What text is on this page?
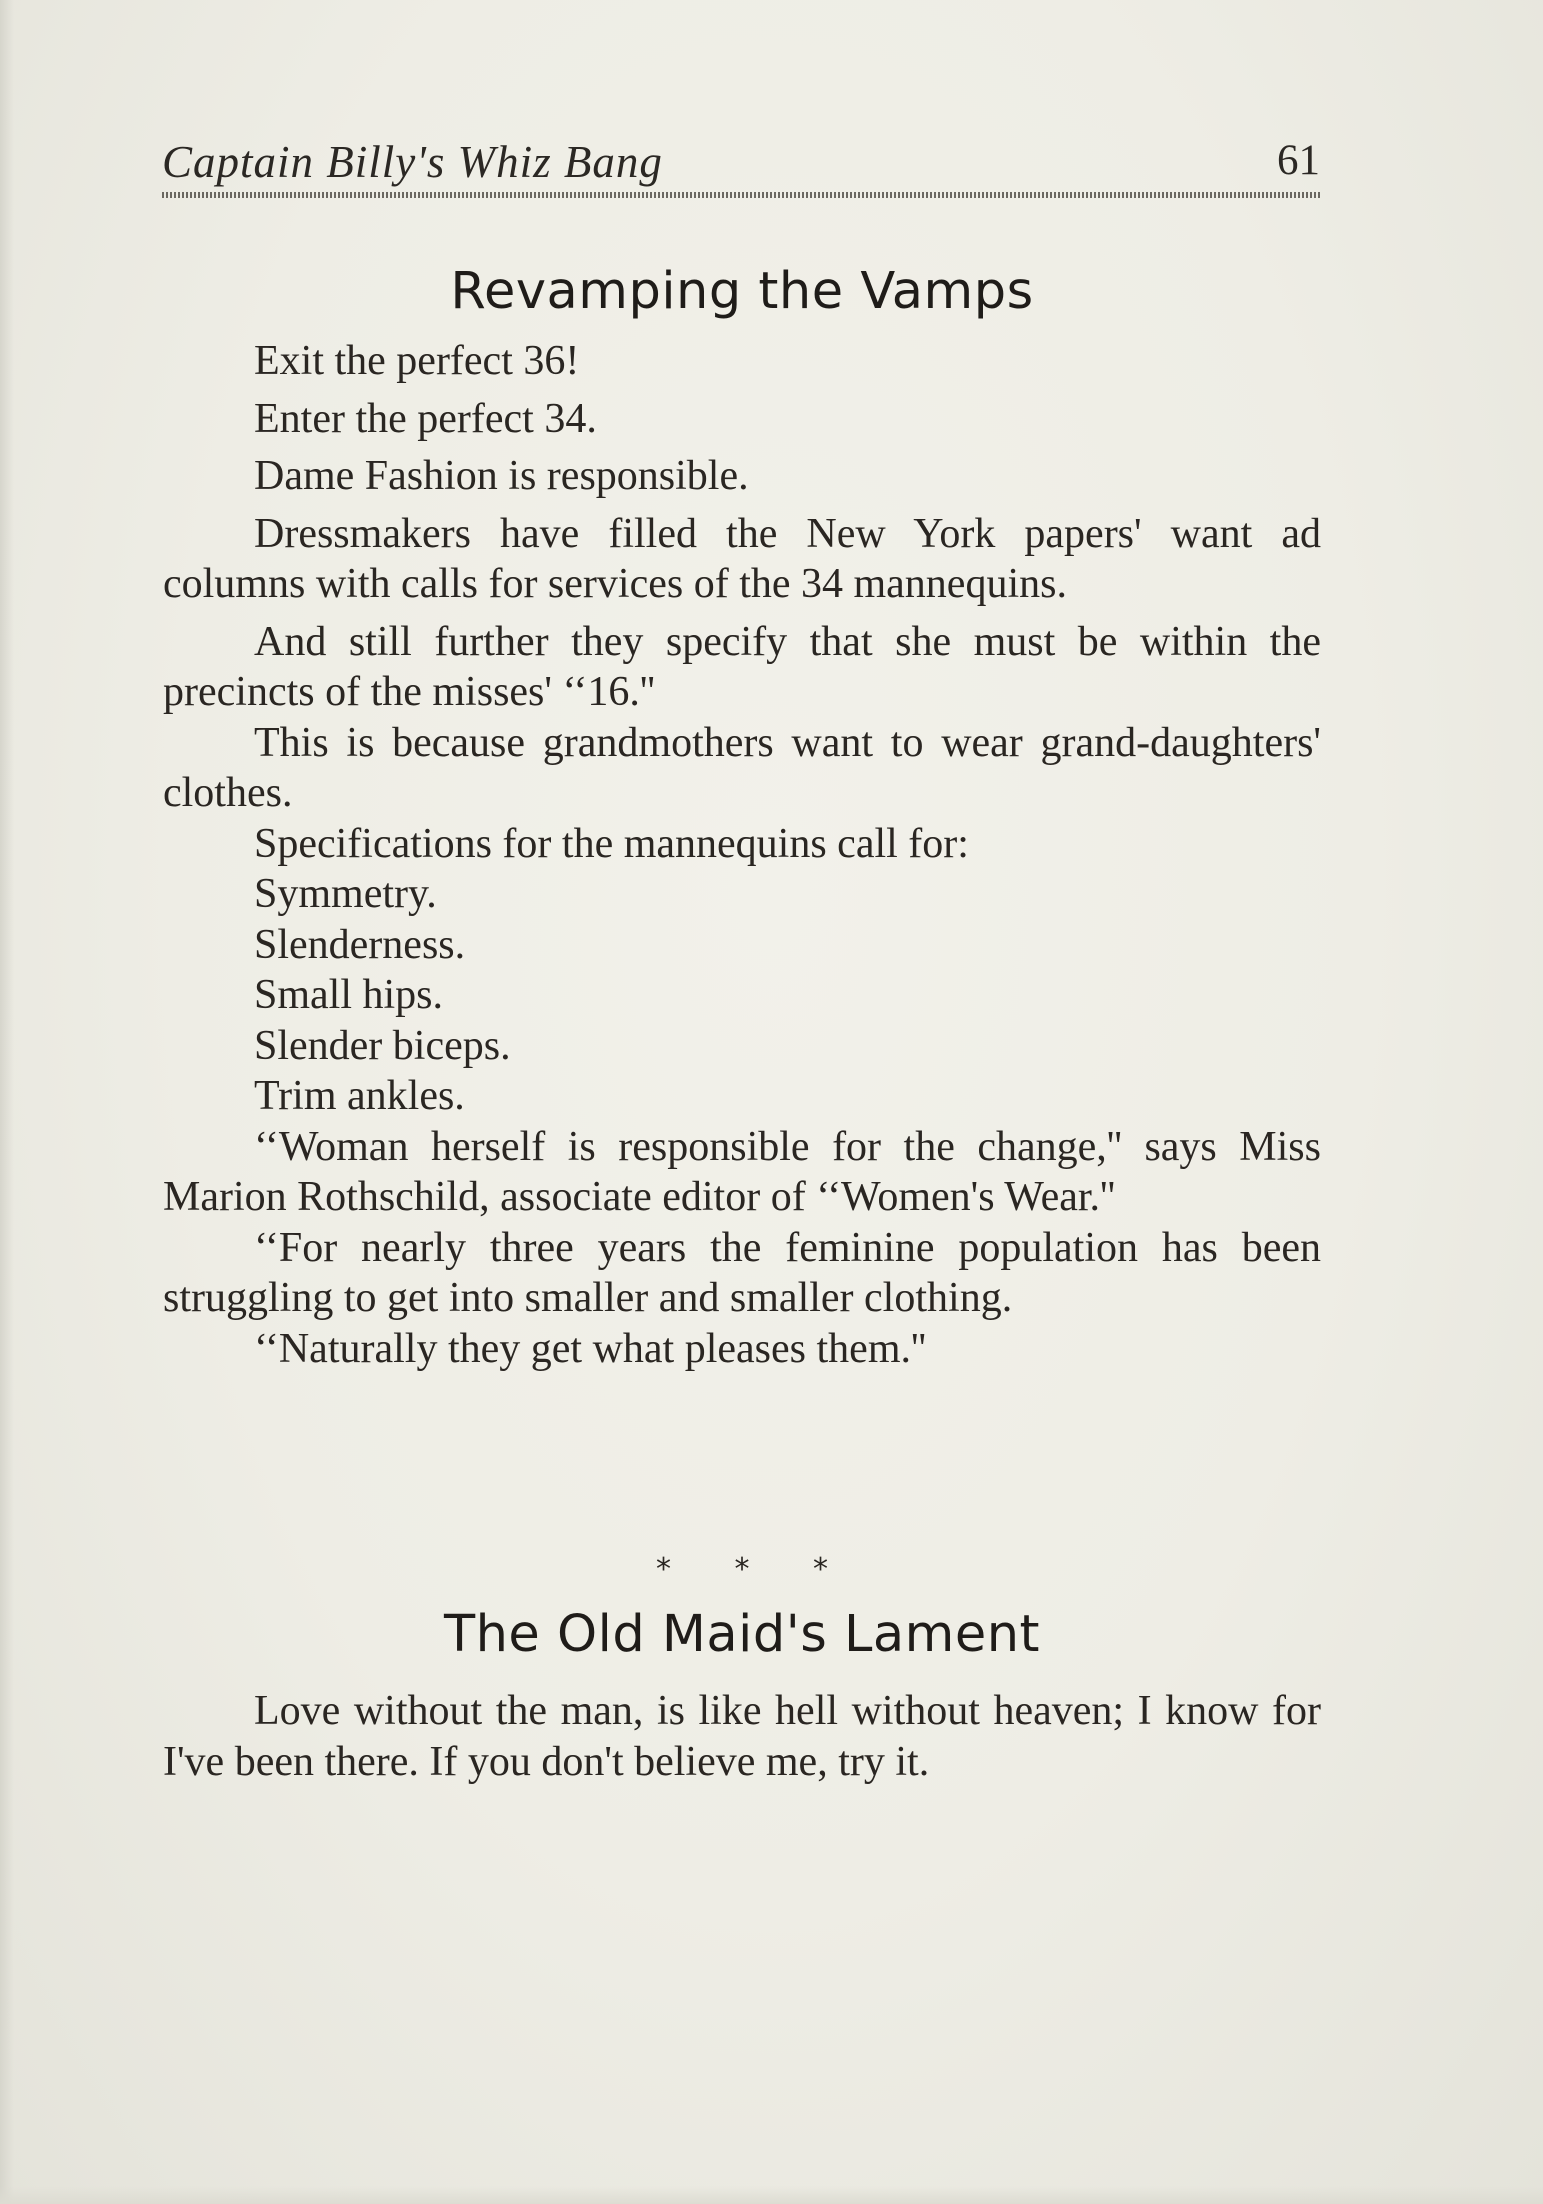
Captain Billy's Whiz Bang	61
Revamping the Vamps

Exit the perfect 36!

Enter the perfect 34.

Dame Fashion is responsible.

Dressmakers have filled the New York papers' want ad columns with calls for services of the 34 mannequins.

And still further they specify that she must be within the precincts of the misses' ‘‘16.''

This is because grandmothers want to wear grand-daughters' clothes.

Specifications for the mannequins call for:

Symmetry.

Slenderness.

Small hips.

Slender biceps.

Trim ankles.

‘‘Woman herself is responsible for the change,'' says Miss Marion Rothschild, associate editor of ‘‘Women's Wear.''

‘‘For nearly three years the feminine population has been struggling to get into smaller and smaller clothing.

‘‘Naturally they get what pleases them.''

* * *
The Old Maid's Lament

Love without the man, is like hell without heaven; I know for I've been there. If you don't believe me, try it.
